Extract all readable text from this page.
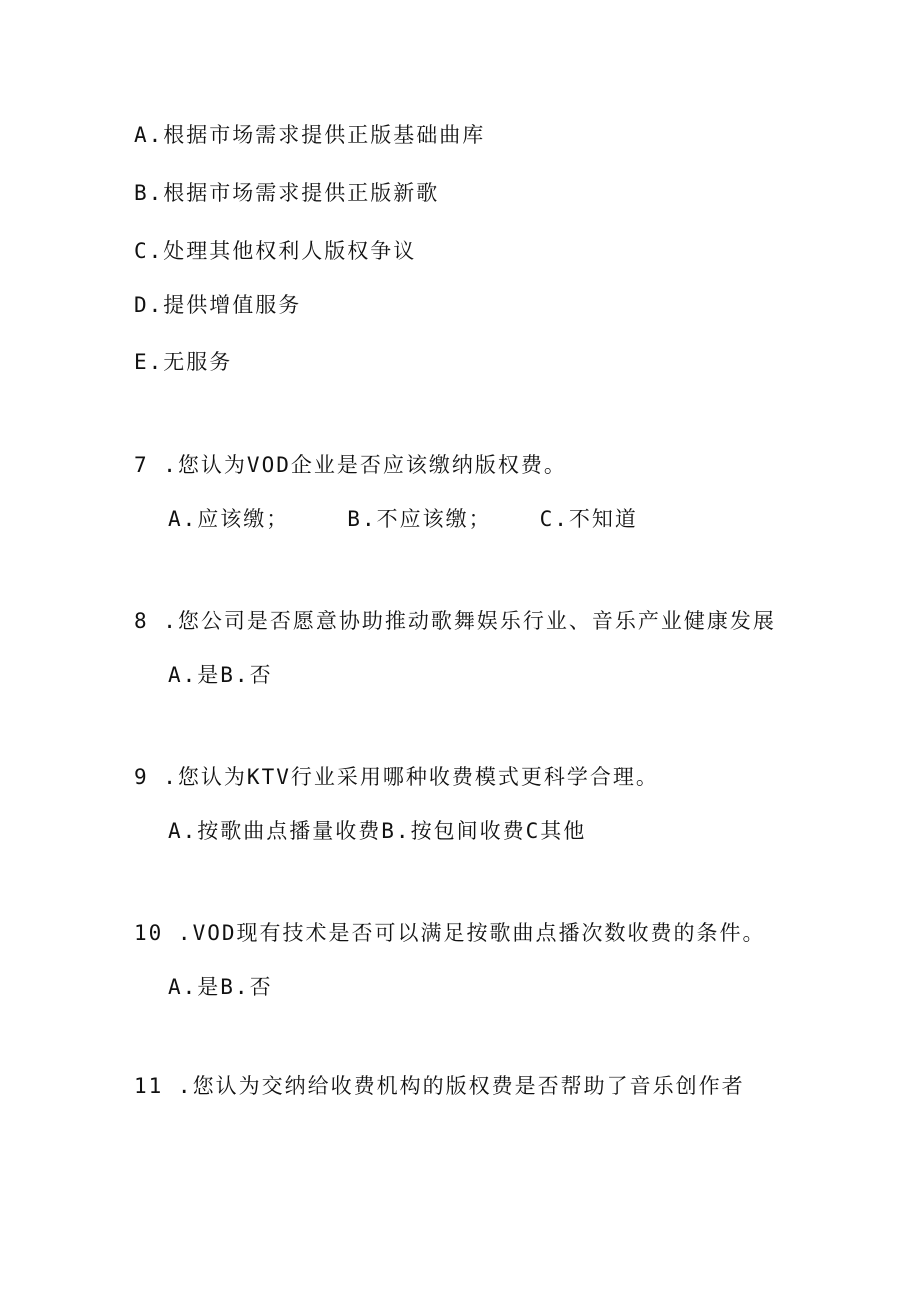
A.根据市场需求提供正版基础曲库
B.根据市场需求提供正版新歌
C.处理其他权利人版权争议
D.提供增值服务
E.无服务
7 .您认为VOD企业是否应该缴纳版权费。
A.应该缴；	B.不应该缴； C.不知道
8 .您公司是否愿意协助推动歌舞娱乐行业、音乐产业健康发展
A.是B.否
9 .您认为KTV行业采用哪种收费模式更科学合理。
A.按歌曲点播量收费B.按包间收费C其他
10 .VOD现有技术是否可以满足按歌曲点播次数收费的条件。
A.是B.否
11 .您认为交纳给收费机构的版权费是否帮助了音乐创作者
